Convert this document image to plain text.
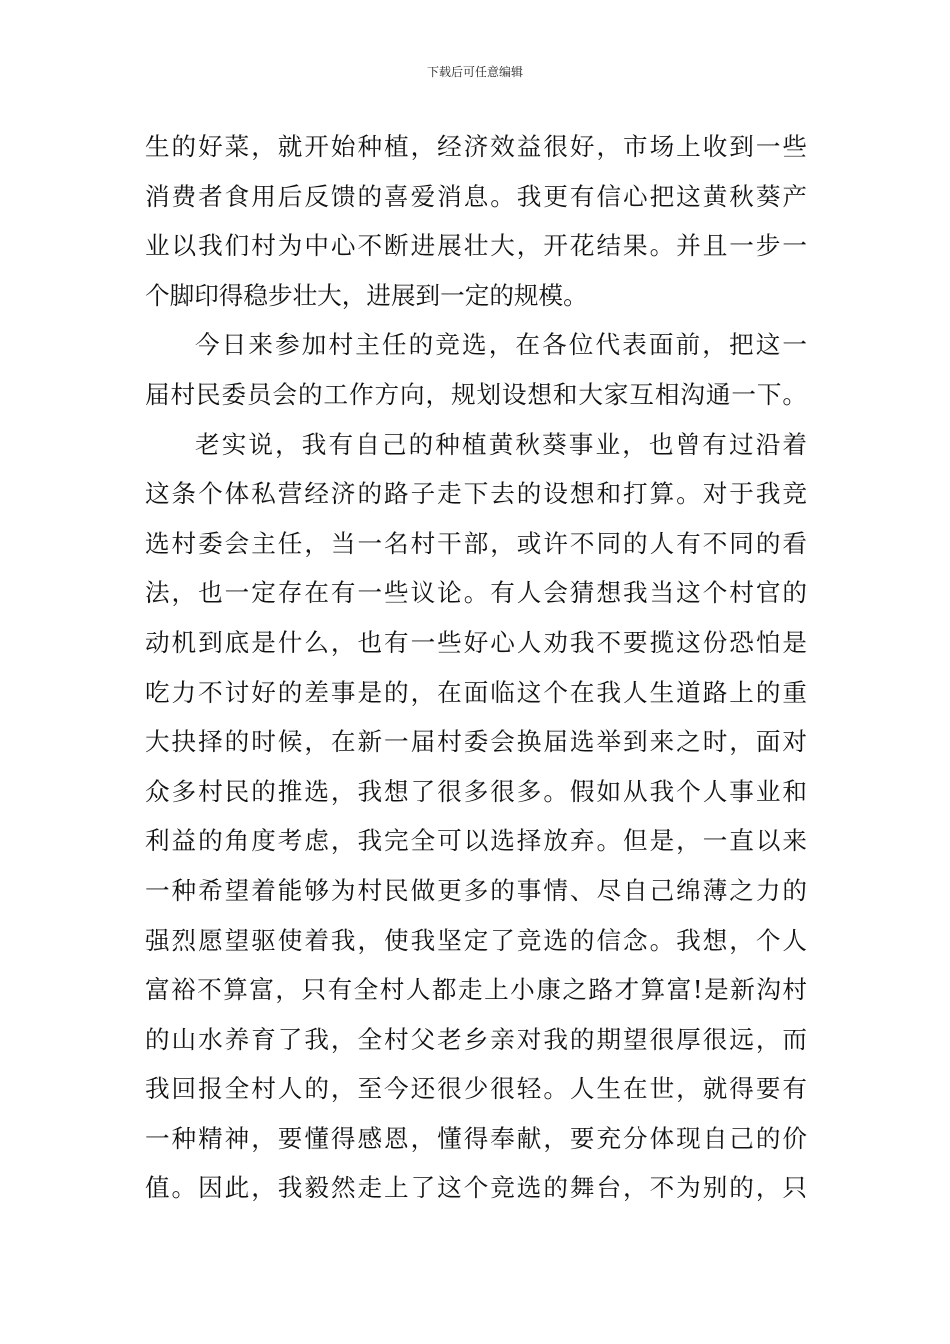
下载后可任意编辑
生的好菜，就开始种植，经济效益很好，市场上收到一些
消费者食用后反馈的喜爱消息。我更有信心把这黄秋葵产
业以我们村为中心不断进展壮大，开花结果。并且一步一
个脚印得稳步壮大，进展到一定的规模。
今日来参加村主任的竞选，在各位代表面前，把这一
届村民委员会的工作方向，规划设想和大家互相沟通一下。
老实说，我有自己的种植黄秋葵事业，也曾有过沿着
这条个体私营经济的路子走下去的设想和打算。对于我竞
选村委会主任，当一名村干部，或许不同的人有不同的看
法，也一定存在有一些议论。有人会猜想我当这个村官的
动机到底是什么，也有一些好心人劝我不要揽这份恐怕是
吃力不讨好的差事是的，在面临这个在我人生道路上的重
大抉择的时候，在新一届村委会换届选举到来之时，面对
众多村民的推选，我想了很多很多。假如从我个人事业和
利益的角度考虑，我完全可以选择放弃。但是，一直以来
一种希望着能够为村民做更多的事情、尽自己绵薄之力的
强烈愿望驱使着我，使我坚定了竞选的信念。我想，个人
富裕不算富，只有全村人都走上小康之路才算富!是新沟村
的山水养育了我，全村父老乡亲对我的期望很厚很远，而
我回报全村人的，至今还很少很轻。人生在世，就得要有
一种精神，要懂得感恩，懂得奉献，要充分体现自己的价
值。因此，我毅然走上了这个竞选的舞台，不为别的，只
